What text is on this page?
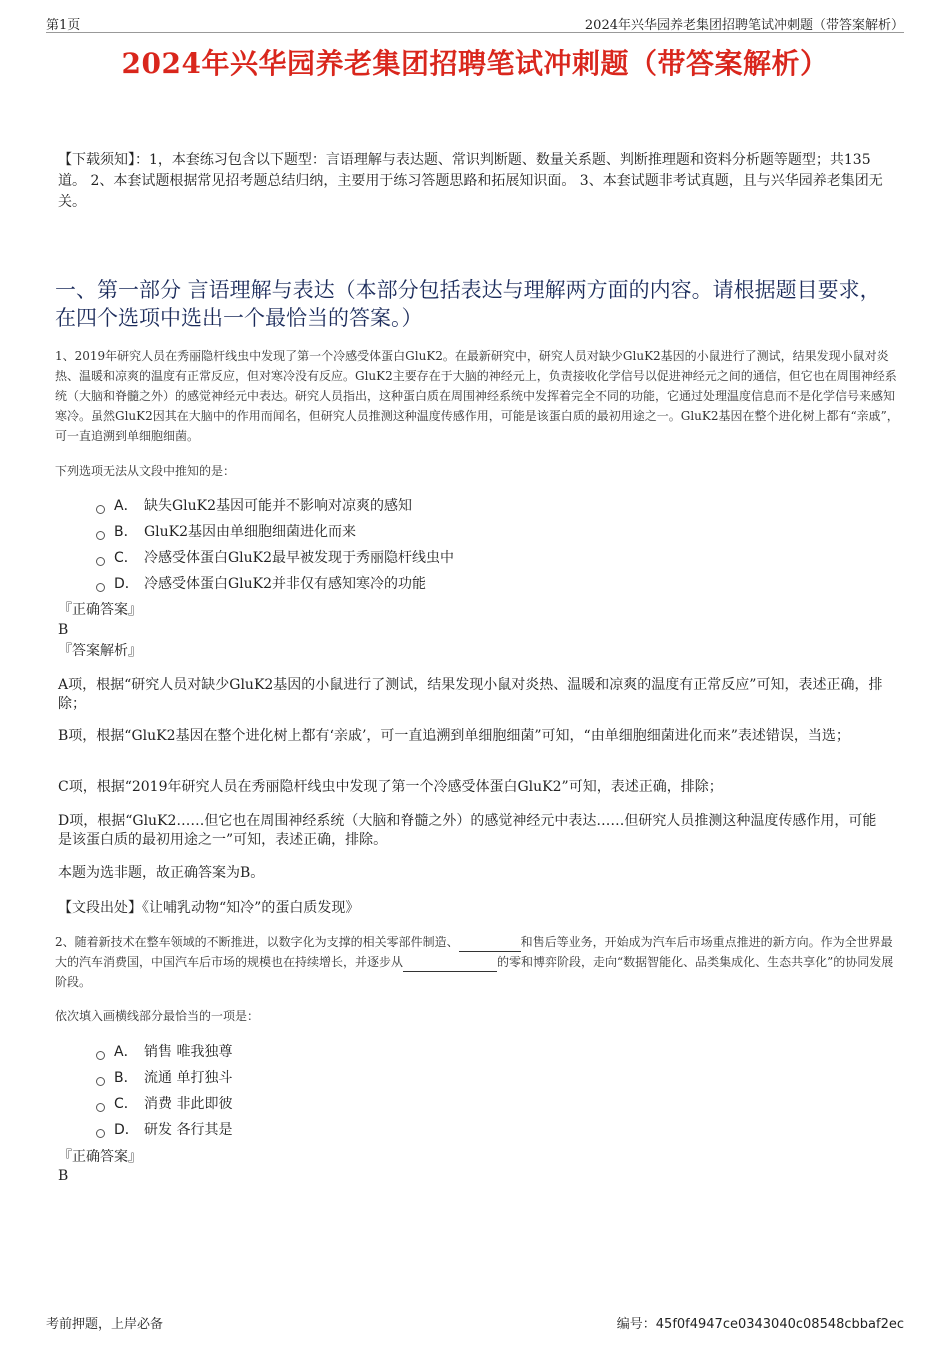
第1页	2024年兴华园养老集团招聘笔试冲刺题（带答案解析）
2024年兴华园养老集团招聘笔试冲刺题（带答案解析）
【下载须知】：1，本套练习包含以下题型：言语理解与表达题、常识判断题、数量关系题、判断推理题和资料分析题等题型；共135道。 2、本套试题根据常见招考题总结归纳，主要用于练习答题思路和拓展知识面。 3、本套试题非考试真题，且与兴华园养老集团无关。
一、第一部分 言语理解与表达（本部分包括表达与理解两方面的内容。请根据题目要求，在四个选项中选出一个最恰当的答案。）
1、2019年研究人员在秀丽隐杆线虫中发现了第一个冷感受体蛋白GluK2。在最新研究中，研究人员对缺少GluK2基因的小鼠进行了测试，结果发现小鼠对炎热、温暖和凉爽的温度有正常反应，但对寒冷没有反应。GluK2主要存在于大脑的神经元上，负责接收化学信号以促进神经元之间的通信，但它也在周围神经系统（大脑和脊髓之外）的感觉神经元中表达。研究人员指出，这种蛋白质在周围神经系统中发挥着完全不同的功能，它通过处理温度信息而不是化学信号来感知寒冷。虽然GluK2因其在大脑中的作用而闻名，但研究人员推测这种温度传感作用，可能是该蛋白质的最初用途之一。GluK2基因在整个进化树上都有“亲戚”，可一直追溯到单细胞细菌。
下列选项无法从文段中推知的是：
A． 缺失GluK2基因可能并不影响对凉爽的感知
B． GluK2基因由单细胞细菌进化而来
C． 冷感受体蛋白GluK2最早被发现于秀丽隐杆线虫中
D． 冷感受体蛋白GluK2并非仅有感知寒冷的功能
『正确答案』
B
『答案解析』
A项，根据“研究人员对缺少GluK2基因的小鼠进行了测试，结果发现小鼠对炎热、温暖和凉爽的温度有正常反应”可知，表述正确，排除；
B项，根据“GluK2基因在整个进化树上都有‘亲戚’，可一直追溯到单细胞细菌”可知，“由单细胞细菌进化而来”表述错误，当选；
C项，根据“2019年研究人员在秀丽隐杆线虫中发现了第一个冷感受体蛋白GluK2”可知，表述正确，排除；
D项，根据“GluK2……但它也在周围神经系统（大脑和脊髓之外）的感觉神经元中表达……但研究人员推测这种温度传感作用，可能是该蛋白质的最初用途之一”可知，表述正确，排除。
本题为选非题，故正确答案为B。
【文段出处】《让哺乳动物“知冷”的蛋白质发现》
2、随着新技术在整车领域的不断推进，以数字化为支撑的相关零部件制造、	和售后等业务，开始成为汽车后市场重点推进的新方向。作为全世界最大的汽车消费国，中国汽车后市场的规模也在持续增长，并逐步从	的零和博弈阶段，走向“数据智能化、品类集成化、生态共享化”的协同发展阶段。
依次填入画横线部分最恰当的一项是：
A． 销售 唯我独尊
B． 流通 单打独斗
C． 消费 非此即彼
D． 研发 各行其是
『正确答案』
B
考前押题，上岸必备	编号：45f0f4947ce0343040c08548cbbaf2ec
